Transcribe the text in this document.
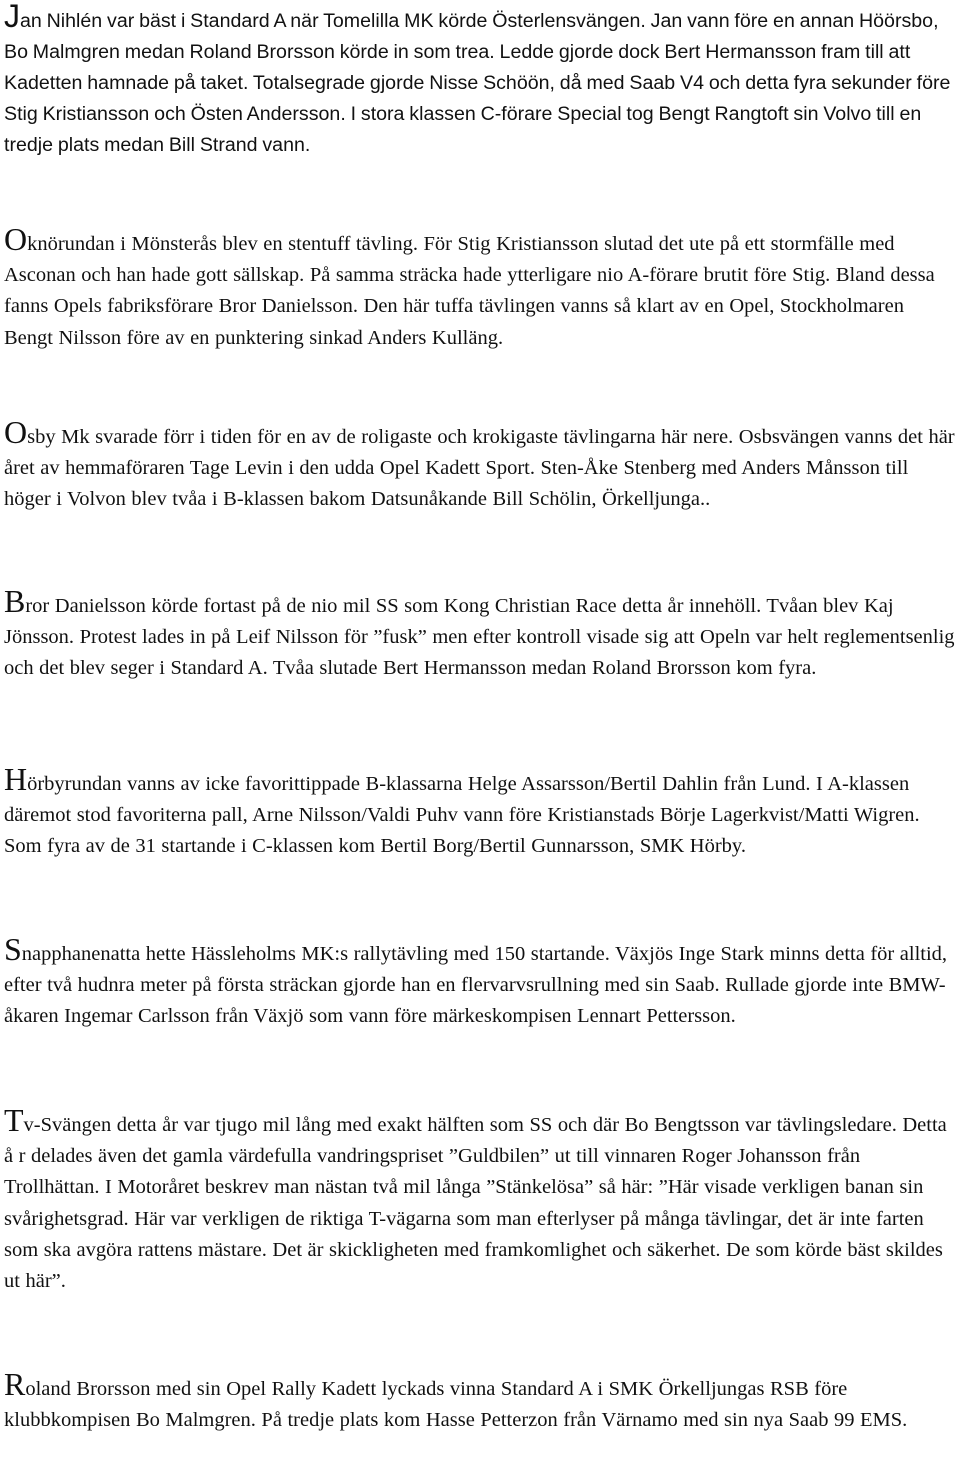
Jan Nihlén var bäst i Standard A när Tomelilla MK körde Österlensvängen. Jan vann före en annan Höörsbo, Bo Malmgren medan Roland Brorsson körde in som trea. Ledde gjorde dock Bert Hermansson fram till att Kadetten hamnade på taket. Totalsegrade gjorde Nisse Schöön, då med Saab V4 och detta fyra sekunder före Stig Kristiansson och Östen Andersson. I stora klassen C-förare Special tog Bengt Rangtoft sin Volvo till en tredje plats medan Bill Strand vann.

Oknörundan i Mönsterås blev en stentuff tävling. För Stig Kristiansson slutad det ute på ett stormfälle med Asconan och han hade gott sällskap. På samma sträcka hade ytterligare nio A-förare brutit före Stig. Bland dessa fanns Opels fabriksförare Bror Danielsson. Den här tuffa tävlingen vanns så klart av en Opel, Stockholmaren Bengt Nilsson före av en punktering sinkad Anders Kulläng.

Osby Mk svarade förr i tiden för en av de roligaste och krokigaste tävlingarna här nere. Osbsvängen vanns det här året av hemmaföraren Tage Levin i den udda Opel Kadett Sport. Sten-Åke Stenberg med Anders Månsson till höger i Volvon blev tvåa i B-klassen bakom Datsunåkande Bill Schölin, Örkelljunga..

Bror Danielsson körde fortast på de nio mil SS som Kong Christian Race detta år innehöll. Tvåan blev Kaj Jönsson. Protest lades in på Leif Nilsson för ”fusk” men efter kontroll visade sig att Opeln var helt reglementsenlig och det blev seger i Standard A. Tvåa slutade Bert Hermansson medan Roland Brorsson kom fyra.

Hörbyrundan vanns av icke favorittippade B-klassarna Helge Assarsson/Bertil Dahlin från Lund. I A-klassen däremot stod favoriterna pall, Arne Nilsson/Valdi Puhv vann före Kristianstads Börje Lagerkvist/Matti Wigren. Som fyra av de 31 startande i C-klassen kom Bertil Borg/Bertil Gunnarsson, SMK Hörby.

Snapphanenatta hette Hässleholms MK:s rallytävling med 150 startande. Växjös Inge Stark minns detta för alltid, efter två hudnra meter på första sträckan gjorde han en flervarvsrullning med sin Saab. Rullade gjorde inte BMW-åkaren Ingemar Carlsson från Växjö som vann före märkeskompisen Lennart Pettersson.

Tv-Svängen detta år var tjugo mil lång med exakt hälften som SS och där Bo Bengtsson var tävlingsledare. Detta å r delades även det gamla värdefulla vandringspriset ”Guldbilen” ut till vinnaren Roger Johansson från Trollhättan. I Motoråret beskrev man nästan två mil långa ”Stänkelösa” så här: ”Här visade verkligen banan sin svårighetsgrad. Här var verkligen de riktiga T-vägarna som man efterlyser på många tävlingar, det är inte farten som ska avgöra rattens mästare. Det är skickligheten med framkomlighet och säkerhet. De som körde bäst skildes ut här”.

Roland Brorsson med sin Opel Rally Kadett lyckads vinna Standard A i SMK Örkelljungas RSB före klubbkompisen Bo Malmgren. På tredje plats kom Hasse Petterzon från Värnamo med sin nya Saab 99 EMS.
